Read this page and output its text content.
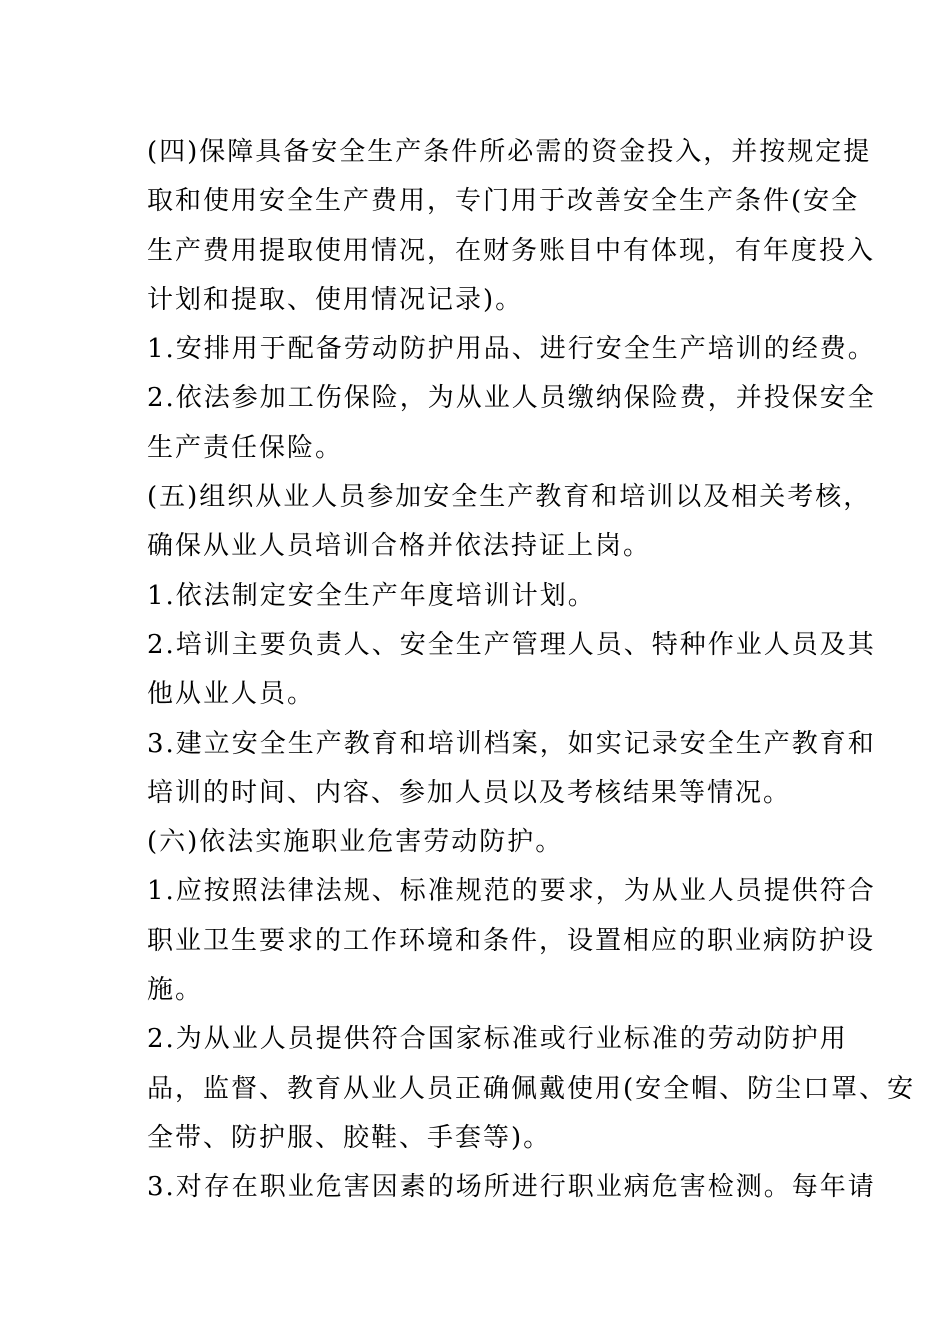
(四)保障具备安全生产条件所必需的资金投入，并按规定提
取和使用安全生产费用，专门用于改善安全生产条件(安全
生产费用提取使用情况，在财务账目中有体现，有年度投入
计划和提取、使用情况记录)。
1.安排用于配备劳动防护用品、进行安全生产培训的经费。
2.依法参加工伤保险，为从业人员缴纳保险费，并投保安全
生产责任保险。
(五)组织从业人员参加安全生产教育和培训以及相关考核，
确保从业人员培训合格并依法持证上岗。
1.依法制定安全生产年度培训计划。
2.培训主要负责人、安全生产管理人员、特种作业人员及其
他从业人员。
3.建立安全生产教育和培训档案，如实记录安全生产教育和
培训的时间、内容、参加人员以及考核结果等情况。
(六)依法实施职业危害劳动防护。
1.应按照法律法规、标准规范的要求，为从业人员提供符合
职业卫生要求的工作环境和条件，设置相应的职业病防护设
施。
2.为从业人员提供符合国家标准或行业标准的劳动防护用
品，监督、教育从业人员正确佩戴使用(安全帽、防尘口罩、安
全带、防护服、胶鞋、手套等)。
3.对存在职业危害因素的场所进行职业病危害检测。每年请
